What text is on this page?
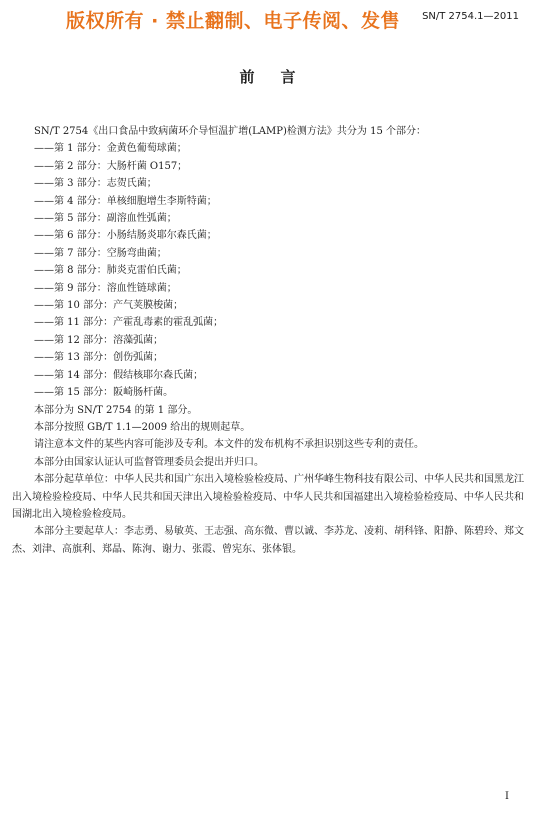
版权所有 · 禁止翻制、电子传阅、发售 SN/T 2754.1—2011
前言
SN/T 2754《出口食品中致病菌环介导恒温扩增(LAMP)检测方法》共分为 15 个部分：
——第 1 部分：金黄色葡萄球菌；
——第 2 部分：大肠杆菌 O157；
——第 3 部分：志贺氏菌；
——第 4 部分：单核细胞增生李斯特菌；
——第 5 部分：副溶血性弧菌；
——第 6 部分：小肠结肠炎耶尔森氏菌；
——第 7 部分：空肠弯曲菌；
——第 8 部分：肺炎克雷伯氏菌；
——第 9 部分：溶血性链球菌；
——第 10 部分：产气荚膜梭菌；
——第 11 部分：产霍乱毒素的霍乱弧菌；
——第 12 部分：溶藻弧菌；
——第 13 部分：创伤弧菌；
——第 14 部分：假结核耶尔森氏菌；
——第 15 部分：阪崎肠杆菌。
本部分为 SN/T 2754 的第 1 部分。
本部分按照 GB/T 1.1—2009 给出的规则起草。
请注意本文件的某些内容可能涉及专利。本文件的发布机构不承担识别这些专利的责任。
本部分由国家认证认可监督管理委员会提出并归口。
本部分起草单位：中华人民共和国广东出入境检验检疫局、广州华峰生物科技有限公司、中华人民共和国黑龙江出入境检验检疫局、中华人民共和国天津出入境检验检疫局、中华人民共和国福建出入境检验检疫局、中华人民共和国湖北出入境检验检疫局。
本部分主要起草人：李志勇、易敏英、王志强、高东微、曹以诚、李苏龙、凌莉、胡科锋、阳静、陈碧玲、郑文杰、刘津、高旗利、郑晶、陈洵、谢力、张霞、曾宪东、张体银。
I
